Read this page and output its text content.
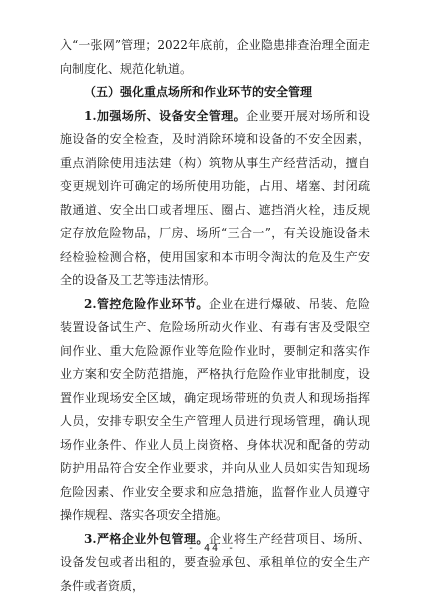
入“一张网”管理；2022年底前，企业隐患排查治理全面走向制度化、规范化轨道。

（五）强化重点场所和作业环节的安全管理

1.加强场所、设备安全管理。企业要开展对场所和设施设备的安全检查，及时消除环境和设备的不安全因素，重点消除使用违法建（构）筑物从事生产经营活动，擅自变更规划许可确定的场所使用功能，占用、堵塞、封闭疏散通道、安全出口或者埋压、圈占、遮挡消火栓，违反规定存放危险物品，厂房、场所“三合一”，有关设施设备未经检验检测合格，使用国家和本市明令淘汰的危及生产安全的设备及工艺等违法情形。

2.管控危险作业环节。企业在进行爆破、吊装、危险装置设备试生产、危险场所动火作业、有毒有害及受限空间作业、重大危险源作业等危险作业时，要制定和落实作业方案和安全防范措施，严格执行危险作业审批制度，设置作业现场安全区域，确定现场带班的负责人和现场指挥人员，安排专职安全生产管理人员进行现场管理，确认现场作业条件、作业人员上岗资格、身体状况和配备的劳动防护用品符合安全作业要求，并向从业人员如实告知现场危险因素、作业安全要求和应急措施，监督作业人员遵守操作规程、落实各项安全措施。

3.严格企业外包管理。企业将生产经营项目、场所、设备发包或者出租的，要查验承包、承租单位的安全生产条件或者资质，

- 44 -
